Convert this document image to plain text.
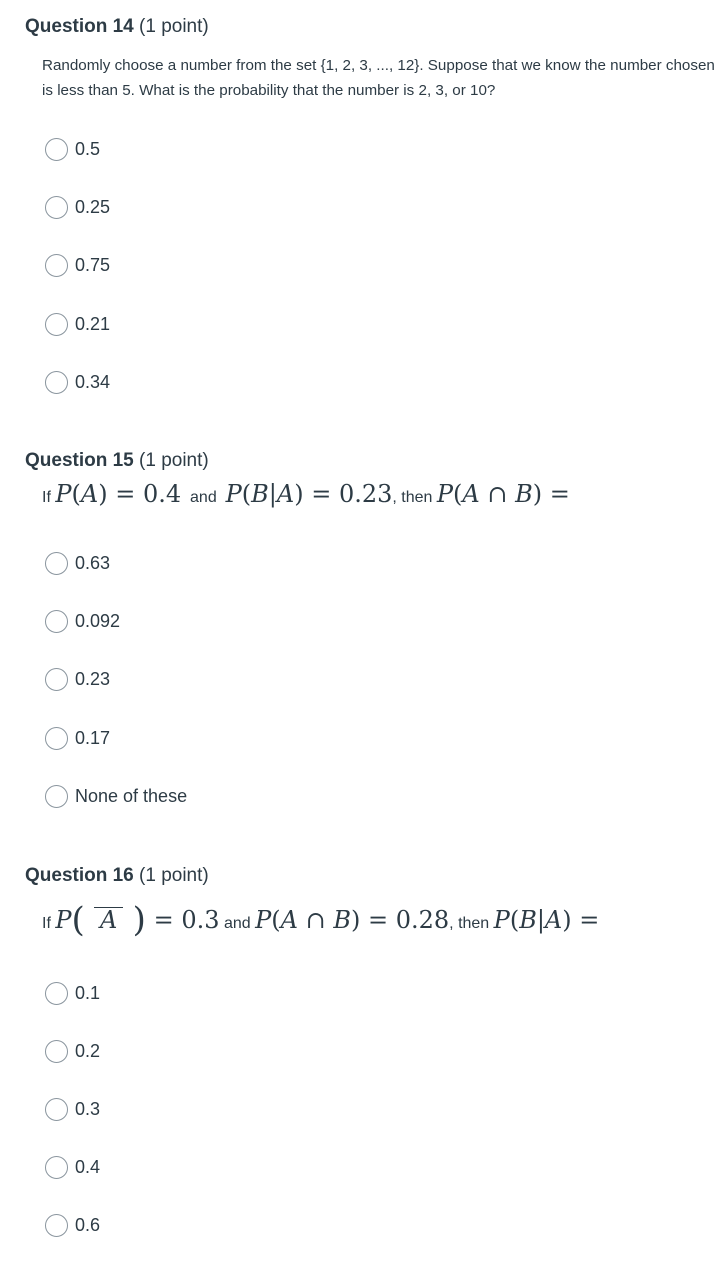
Question 14 (1 point)
Randomly choose a number from the set {1, 2, 3, ..., 12}. Suppose that we know the number chosen is less than 5. What is the probability that the number is 2, 3, or 10?
0.5
0.25
0.75
0.21
0.34
Question 15 (1 point)
If P(A) = 0.4 and P(B|A) = 0.23, then P(A ∩ B) =
0.63
0.092
0.23
0.17
None of these
Question 16 (1 point)
If P( A ) = 0.3 and P(A ∩ B) = 0.28, then P(B|A) =
0.1
0.2
0.3
0.4
0.6
